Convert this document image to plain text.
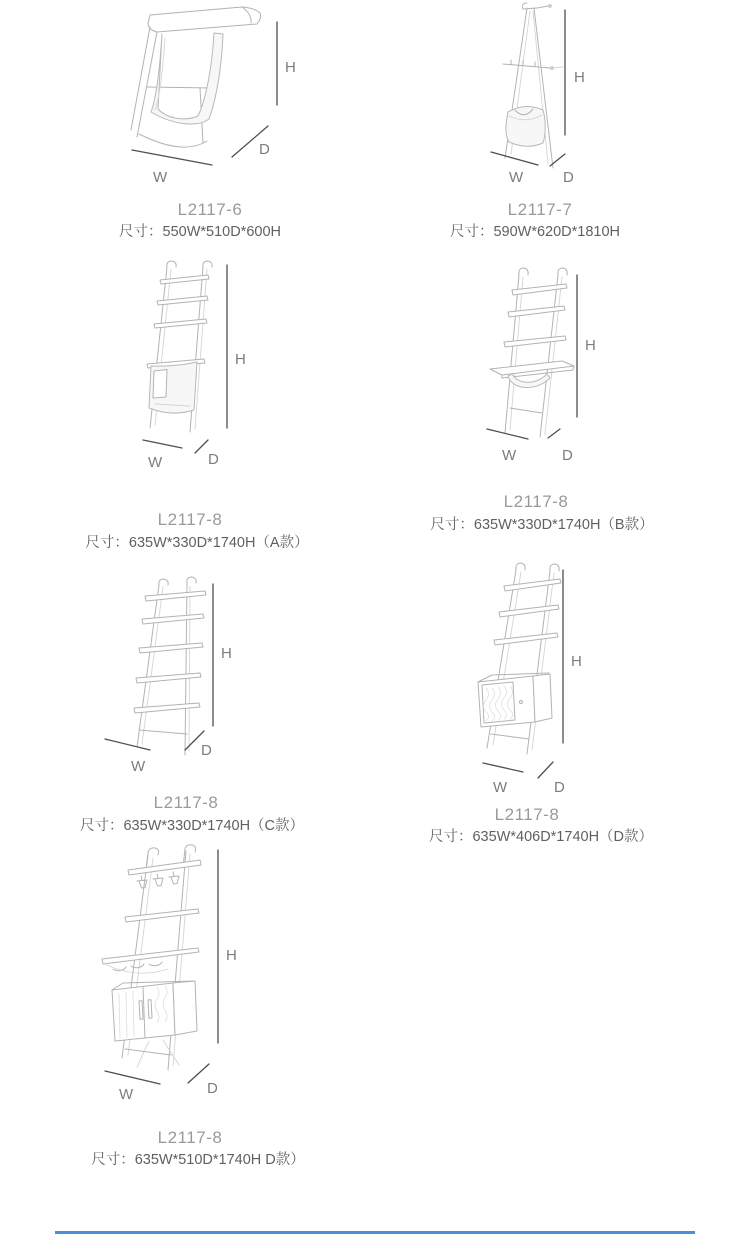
H
D
W
L2117-6
尺寸：550W*510D*600H
H
W	D
L2117-7
尺寸：590W*620D*1810H
H
W	D
L2117-8
尺寸：635W*330D*1740H（A款）
H
W	D
L2117-8
尺寸：635W*330D*1740H（B款）
H
W
D
L2117-8
尺寸：635W*330D*1740H（C款）
H
W	D
L2117-8
尺寸：635W*406D*1740H（D款）
H
W	D
L2117-8
尺寸：635W*510D*1740H D款）
